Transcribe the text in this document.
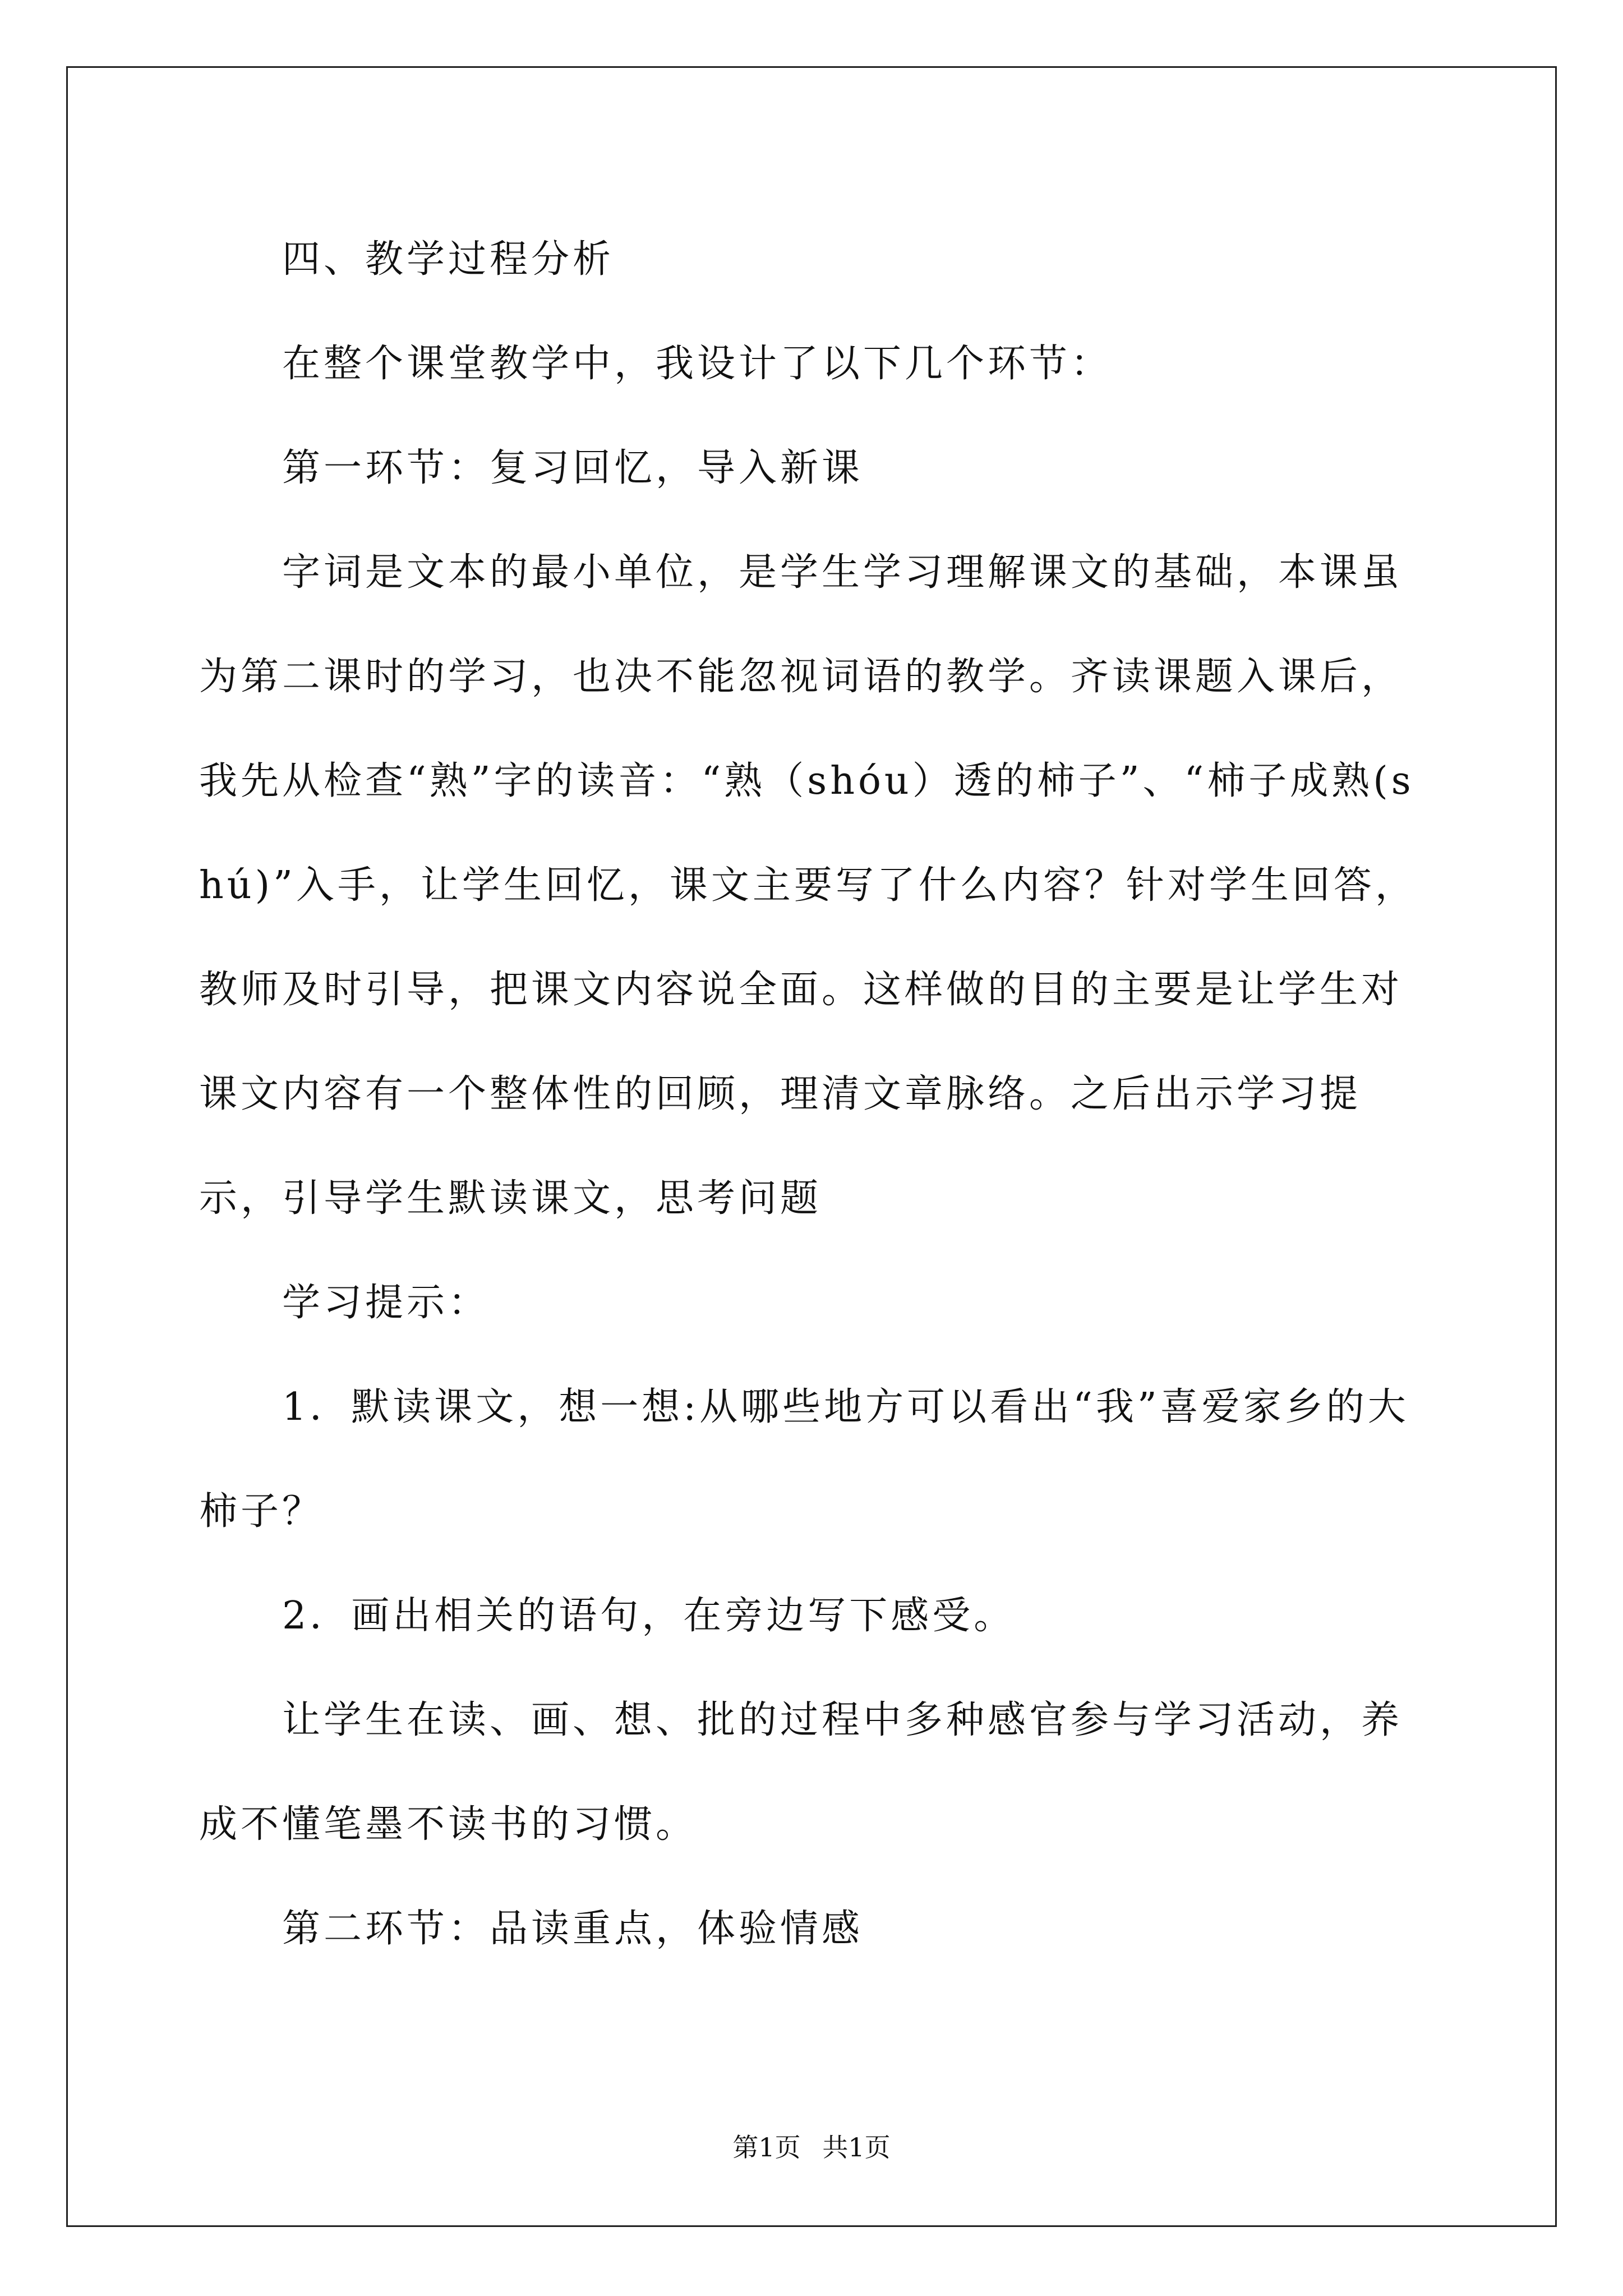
四、教学过程分析

在整个课堂教学中，我设计了以下几个环节：

第一环节：复习回忆，导入新课

字词是文本的最小单位，是学生学习理解课文的基础，本课虽为第二课时的学习，也决不能忽视词语的教学。齐读课题入课后，我先从检查“熟”字的读音：“熟（shóu）透的柿子”、“柿子成熟(shú)”入手，让学生回忆，课文主要写了什么内容？针对学生回答，教师及时引导，把课文内容说全面。这样做的目的主要是让学生对课文内容有一个整体性的回顾，理清文章脉络。之后出示学习提示，引导学生默读课文，思考问题

学习提示：

1．默读课文，想一想:从哪些地方可以看出“我”喜爱家乡的大柿子？

2．画出相关的语句，在旁边写下感受。

让学生在读、画、想、批的过程中多种感官参与学习活动，养成不懂笔墨不读书的习惯。

第二环节：品读重点，体验情感

第1页 共1页
